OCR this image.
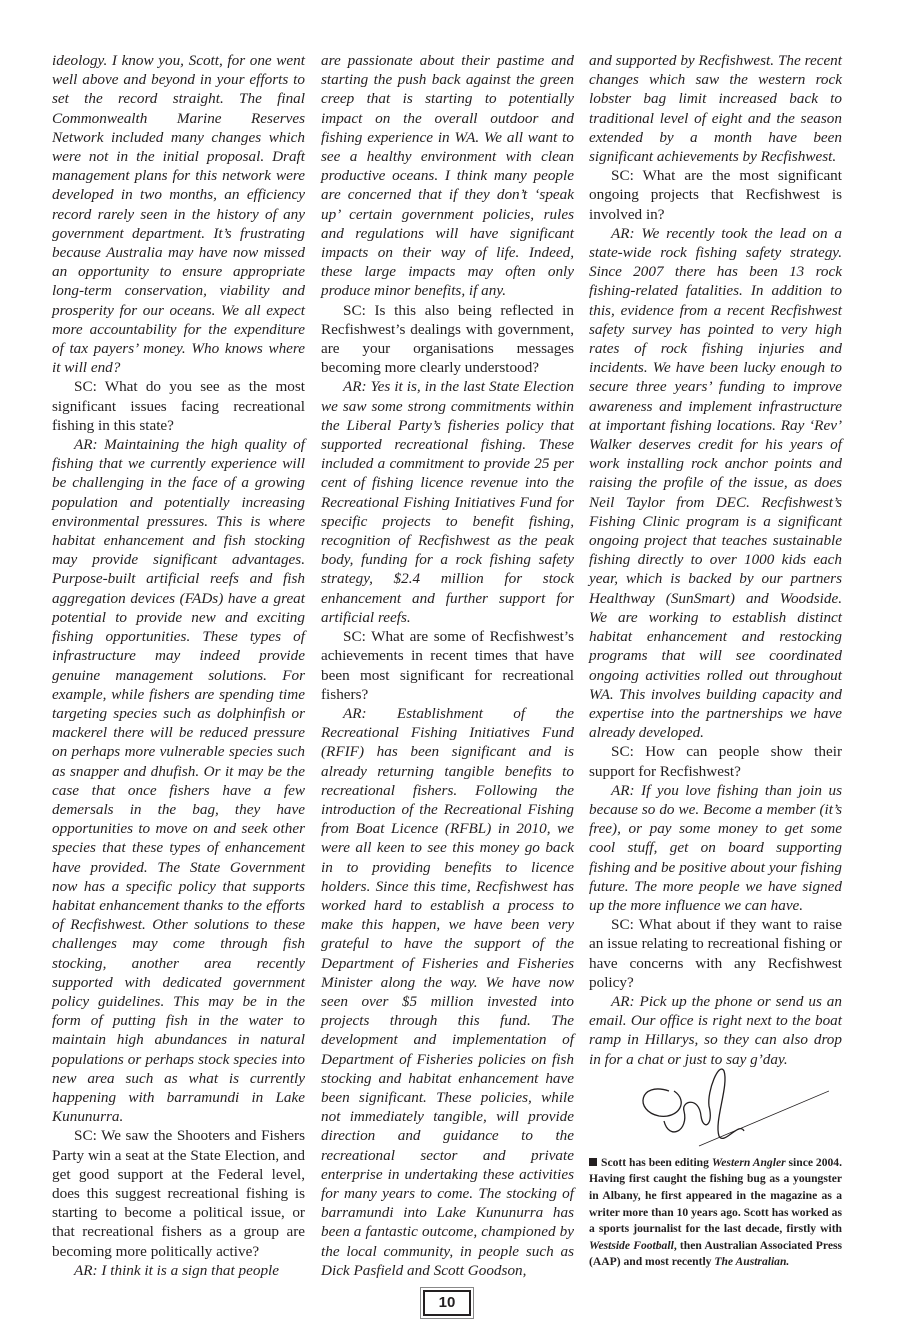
ideology. I know you, Scott, for one went well above and beyond in your efforts to set the record straight. The final Commonwealth Marine Reserves Network included many changes which were not in the initial proposal. Draft management plans for this network were developed in two months, an efficiency record rarely seen in the history of any government department. It’s frustrating because Australia may have now missed an opportunity to ensure appropriate long-term conservation, viability and prosperity for our oceans. We all expect more accountability for the expenditure of tax payers’ money. Who knows where it will end?

SC: What do you see as the most significant issues facing recreational fishing in this state?

AR: Maintaining the high quality of fishing that we currently experience will be challenging in the face of a growing population and potentially increasing environmental pressures. This is where habitat enhancement and fish stocking may provide significant advantages. Purpose-built artificial reefs and fish aggregation devices (FADs) have a great potential to provide new and exciting fishing opportunities. These types of infrastructure may indeed provide genuine management solutions. For example, while fishers are spending time targeting species such as dolphinfish or mackerel there will be reduced pressure on perhaps more vulnerable species such as snapper and dhufish. Or it may be the case that once fishers have a few demersals in the bag, they have opportunities to move on and seek other species that these types of enhancement have provided. The State Government now has a specific policy that supports habitat enhancement thanks to the efforts of Recfishwest. Other solutions to these challenges may come through fish stocking, another area recently supported with dedicated government policy guidelines. This may be in the form of putting fish in the water to maintain high abundances in natural populations or perhaps stock species into new area such as what is currently happening with barramundi in Lake Kununurra.

SC: We saw the Shooters and Fishers Party win a seat at the State Election, and get good support at the Federal level, does this suggest recreational fishing is starting to become a political issue, or that recreational fishers as a group are becoming more politically active?

AR: I think it is a sign that people

are passionate about their pastime and starting the push back against the green creep that is starting to potentially impact on the overall outdoor and fishing experience in WA. We all want to see a healthy environment with clean productive oceans. I think many people are concerned that if they don’t ‘speak up’ certain government policies, rules and regulations will have significant impacts on their way of life. Indeed, these large impacts may often only produce minor benefits, if any.

SC: Is this also being reflected in Recfishwest’s dealings with government, are your organisations messages becoming more clearly understood?

AR: Yes it is, in the last State Election we saw some strong commitments within the Liberal Party’s fisheries policy that supported recreational fishing. These included a commitment to provide 25 per cent of fishing licence revenue into the Recreational Fishing Initiatives Fund for specific projects to benefit fishing, recognition of Recfishwest as the peak body, funding for a rock fishing safety strategy, $2.4 million for stock enhancement and further support for artificial reefs.

SC: What are some of Recfishwest’s achievements in recent times that have been most significant for recreational fishers?

AR: Establishment of the Recreational Fishing Initiatives Fund (RFIF) has been significant and is already returning tangible benefits to recreational fishers. Following the introduction of the Recreational Fishing from Boat Licence (RFBL) in 2010, we were all keen to see this money go back in to providing benefits to licence holders. Since this time, Recfishwest has worked hard to establish a process to make this happen, we have been very grateful to have the support of the Department of Fisheries and Fisheries Minister along the way. We have now seen over $5 million invested into projects through this fund. The development and implementation of Department of Fisheries policies on fish stocking and habitat enhancement have been significant. These policies, while not immediately tangible, will provide direction and guidance to the recreational sector and private enterprise in undertaking these activities for many years to come. The stocking of barramundi into Lake Kununurra has been a fantastic outcome, championed by the local community, in people such as Dick Pasfield and Scott Goodson,

and supported by Recfishwest. The recent changes which saw the western rock lobster bag limit increased back to traditional level of eight and the season extended by a month have been significant achievements by Recfishwest.

SC: What are the most significant ongoing projects that Recfishwest is involved in?

AR: We recently took the lead on a state-wide rock fishing safety strategy. Since 2007 there has been 13 rock fishing-related fatalities. In addition to this, evidence from a recent Recfishwest safety survey has pointed to very high rates of rock fishing injuries and incidents. We have been lucky enough to secure three years’ funding to improve awareness and implement infrastructure at important fishing locations. Ray ‘Rev’ Walker deserves credit for his years of work installing rock anchor points and raising the profile of the issue, as does Neil Taylor from DEC. Recfishwest’s Fishing Clinic program is a significant ongoing project that teaches sustainable fishing directly to over 1000 kids each year, which is backed by our partners Healthway (SunSmart) and Woodside. We are working to establish distinct habitat enhancement and restocking programs that will see coordinated ongoing activities rolled out throughout WA. This involves building capacity and expertise into the partnerships we have already developed.

SC: How can people show their support for Recfishwest?

AR: If you love fishing than join us because so do we. Become a member (it’s free), or pay some money to get some cool stuff, get on board supporting fishing and be positive about your fishing future. The more people we have signed up the more influence we can have.

SC: What about if they want to raise an issue relating to recreational fishing or have concerns with any Recfishwest policy?

AR: Pick up the phone or send us an email. Our office is right next to the boat ramp in Hillarys, so they can also drop in for a chat or just to say g’day.

Scott has been editing Western Angler since 2004. Having first caught the fishing bug as a youngster in Albany, he first appeared in the magazine as a writer more than 10 years ago. Scott has worked as a sports journalist for the last decade, firstly with Westside Football, then Australian Associated Press (AAP) and most recently The Australian.
10
